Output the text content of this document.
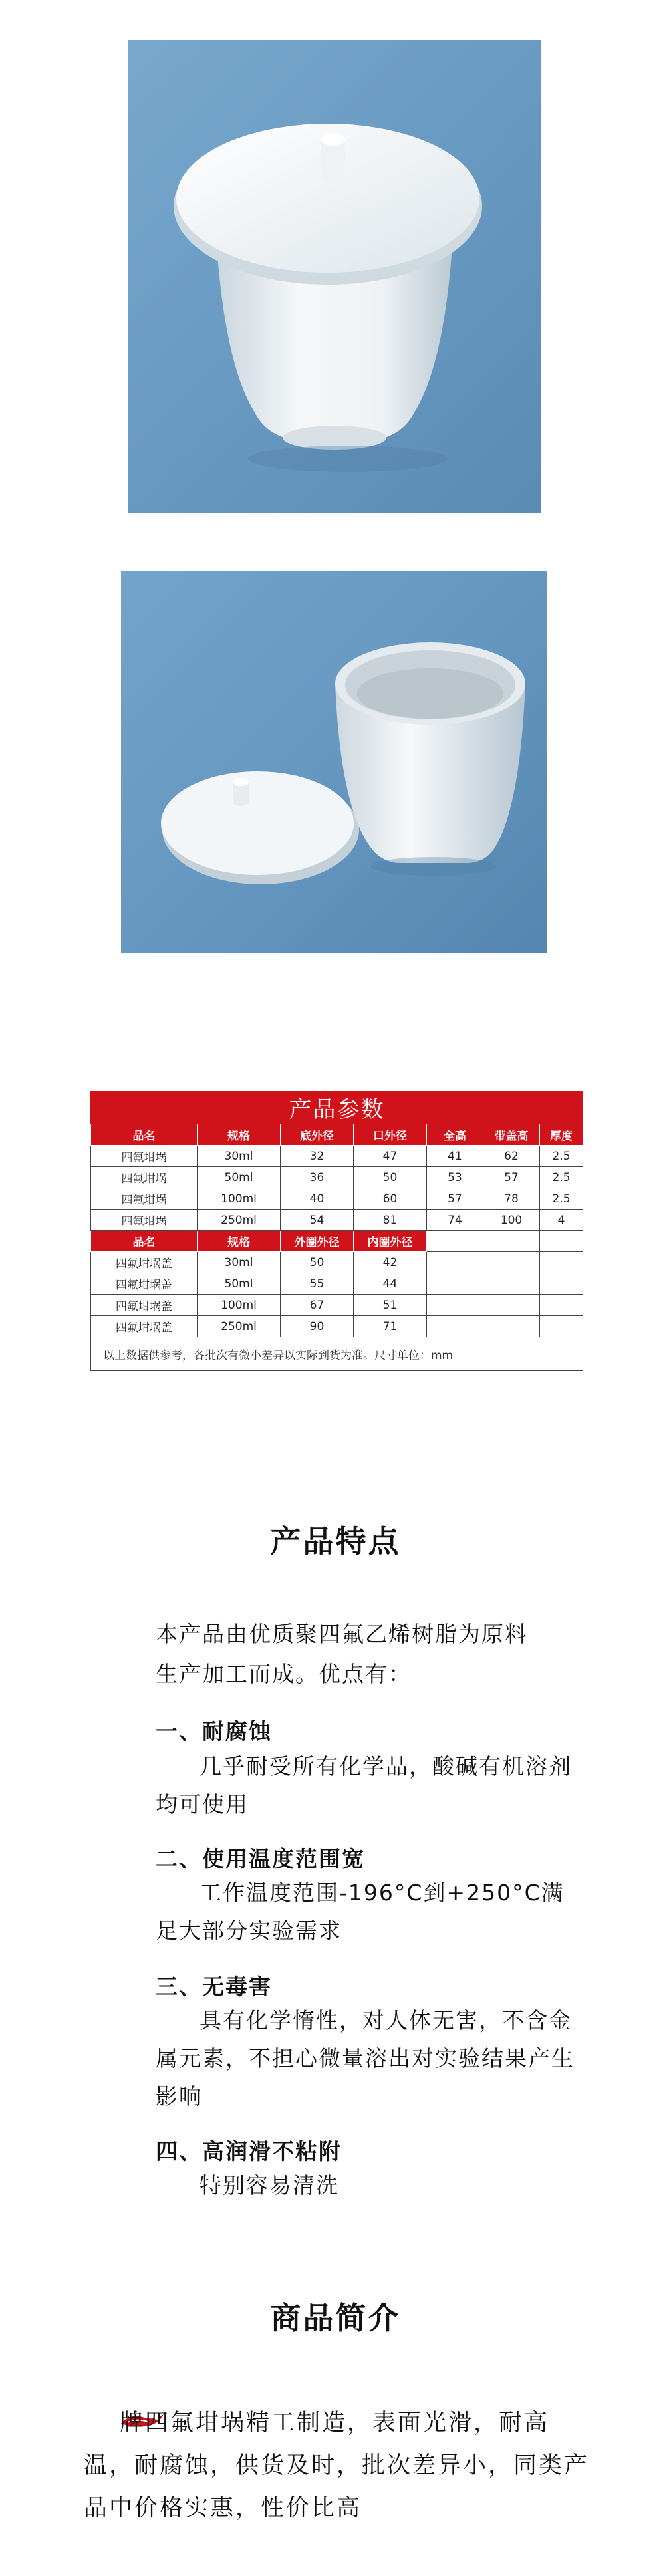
产品参数						
品名	规格	底外径	口外径	全高	带盖高	厚度
四氟坩埚	30ml	32	47	41	62	2.5
四氟坩埚	50ml	36	50	53	57	2.5
四氟坩埚	100ml	40	60	57	78	2.5
四氟坩埚	250ml	54	81	74	100	4
品名	规格	外圈外径	内圈外径			
四氟坩埚盖	30ml	50	42			
四氟坩埚盖	50ml	55	44			
四氟坩埚盖	100ml	67	51			
四氟坩埚盖	250ml	90	71			
以上数据供参考，各批次有微小差异以实际到货为准。尺寸单位：mm						
产品特点
本产品由优质聚四氟乙烯树脂为原料
生产加工而成。优点有：
一、耐腐蚀
几乎耐受所有化学品，酸碱有机溶剂均可使用
二、使用温度范围宽
工作温度范围-196°C到+250°C满足大部分实验需求
三、无毒害
具有化学惰性，对人体无害，不含金属元素，不担心微量溶出对实验结果产生影响
四、高润滑不粘附
特别容易清洗
商品简介
牌四氟坩埚精工制造，表面光滑，耐高温，耐腐蚀，供货及时，批次差异小，同类产品中价格实惠，性价比高
